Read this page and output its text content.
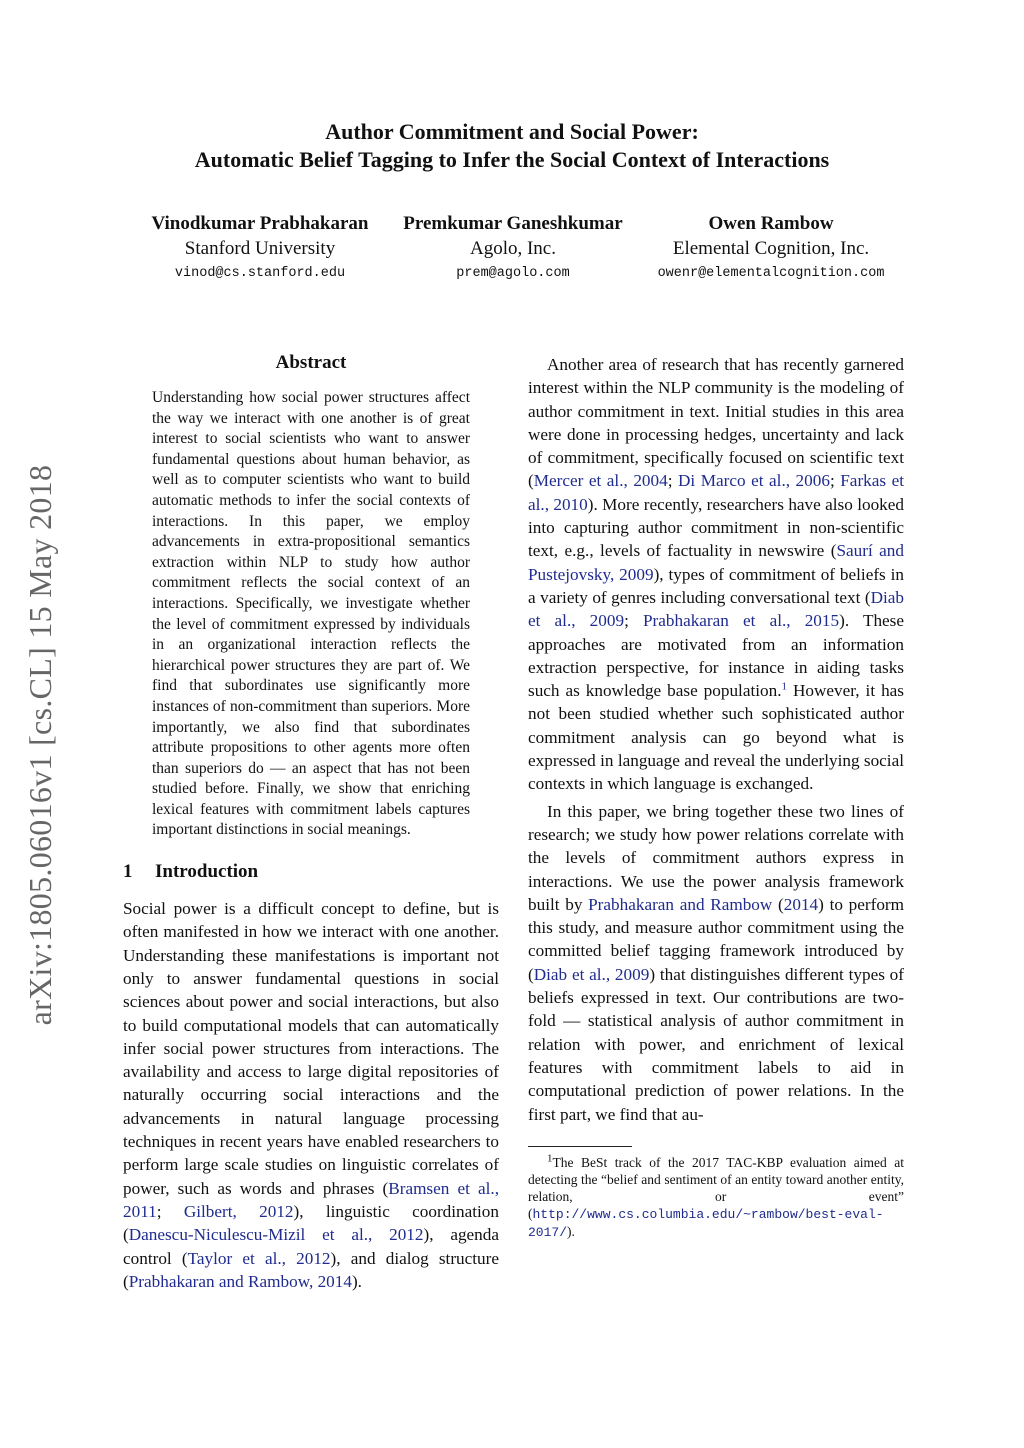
Author Commitment and Social Power:
Automatic Belief Tagging to Infer the Social Context of Interactions
Vinodkumar Prabhakaran
Stanford University
vinod@cs.stanford.edu
Premkumar Ganeshkumar
Agolo, Inc.
prem@agolo.com
Owen Rambow
Elemental Cognition, Inc.
owenr@elementalcognition.com
arXiv:1805.06016v1 [cs.CL] 15 May 2018
Abstract

Understanding how social power structures affect the way we interact with one another is of great interest to social scientists who want to answer fundamental questions about human behavior, as well as to computer scientists who want to build automatic methods to infer the social contexts of interactions. In this paper, we employ advancements in extra-propositional semantics extraction within NLP to study how author commitment reflects the social context of an interactions. Specifically, we investigate whether the level of commitment expressed by individuals in an organizational interaction reflects the hierarchical power structures they are part of. We find that subordinates use significantly more instances of non-commitment than superiors. More importantly, we also find that subordinates attribute propositions to other agents more often than superiors do — an aspect that has not been studied before. Finally, we show that enriching lexical features with commitment labels captures important distinctions in social meanings.

1 Introduction

Social power is a difficult concept to define, but is often manifested in how we interact with one another. Understanding these manifestations is important not only to answer fundamental questions in social sciences about power and social interactions, but also to build computational models that can automatically infer social power structures from interactions. The availability and access to large digital repositories of naturally occurring social interactions and the advancements in natural language processing techniques in recent years have enabled researchers to perform large scale studies on linguistic correlates of power, such as words and phrases (Bramsen et al., 2011; Gilbert, 2012), linguistic coordination (Danescu-Niculescu-Mizil et al., 2012), agenda control (Taylor et al., 2012), and dialog structure (Prabhakaran and Rambow, 2014).

Another area of research that has recently garnered interest within the NLP community is the modeling of author commitment in text. Initial studies in this area were done in processing hedges, uncertainty and lack of commitment, specifically focused on scientific text (Mercer et al., 2004; Di Marco et al., 2006; Farkas et al., 2010). More recently, researchers have also looked into capturing author commitment in non-scientific text, e.g., levels of factuality in newswire (Saurí and Pustejovsky, 2009), types of commitment of beliefs in a variety of genres including conversational text (Diab et al., 2009; Prabhakaran et al., 2015). These approaches are motivated from an information extraction perspective, for instance in aiding tasks such as knowledge base population.$^1$ However, it has not been studied whether such sophisticated author commitment analysis can go beyond what is expressed in language and reveal the underlying social contexts in which language is exchanged.

In this paper, we bring together these two lines of research; we study how power relations correlate with the levels of commitment authors express in interactions. We use the power analysis framework built by Prabhakaran and Rambow (2014) to perform this study, and measure author commitment using the committed belief tagging framework introduced by (Diab et al., 2009) that distinguishes different types of beliefs expressed in text. Our contributions are two-fold — statistical analysis of author commitment in relation with power, and enrichment of lexical features with commitment labels to aid in computational prediction of power relations. In the first part, we find that au-

$^1$The BeSt track of the 2017 TAC-KBP evaluation aimed at detecting the “belief and sentiment of an entity toward another entity, relation, or event” (http://www.cs.columbia.edu/~rambow/best-eval-2017/).
